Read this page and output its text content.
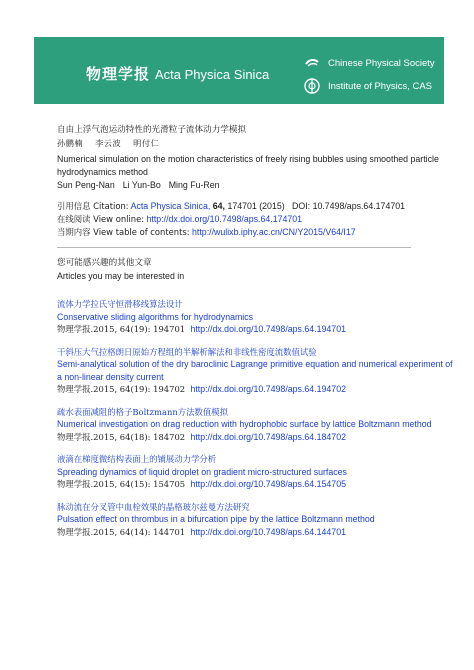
物理学报 Acta Physica Sinica
Chinese Physical Society
Institute of Physics, CAS
自由上浮气泡运动特性的光滑粒子流体动力学模拟
孙鹏楠 李云波 明付仁
Numerical simulation on the motion characteristics of freely rising bubbles using smoothed particle hydrodynamics method
Sun Peng-Nan Li Yun-Bo Ming Fu-Ren
引用信息 Citation: Acta Physica Sinica, 64, 174701 (2015) DOI: 10.7498/aps.64.174701
在线阅读 View online: http://dx.doi.org/10.7498/aps.64.174701
当期内容 View table of contents: http://wulixb.iphy.ac.cn/CN/Y2015/V64/I17
您可能感兴趣的其他文章
Articles you may be interested in
流体力学拉氏守恒滑移线算法设计
Conservative sliding algorithms for hydrodynamics
物理学报.2015, 64(19): 194701 http://dx.doi.org/10.7498/aps.64.194701
干斜压大气拉格朗日原始方程组的半解析解法和非线性密度流数值试验
Semi-analytical solution of the dry baroclinic Lagrange primitive equation and numerical experiment of a non-linear density current
物理学报.2015, 64(19): 194702 http://dx.doi.org/10.7498/aps.64.194702
疏水表面减阻的格子Boltzmann方法数值模拟
Numerical investigation on drag reduction with hydrophobic surface by lattice Boltzmann method
物理学报.2015, 64(18): 184702 http://dx.doi.org/10.7498/aps.64.184702
液滴在梯度微结构表面上的铺展动力学分析
Spreading dynamics of liquid droplet on gradient micro-structured surfaces
物理学报.2015, 64(15): 154705 http://dx.doi.org/10.7498/aps.64.154705
脉动流在分叉管中血栓效果的晶格玻尔兹曼方法研究
Pulsation effect on thrombus in a bifurcation pipe by the lattice Boltzmann method
物理学报.2015, 64(14): 144701 http://dx.doi.org/10.7498/aps.64.144701
